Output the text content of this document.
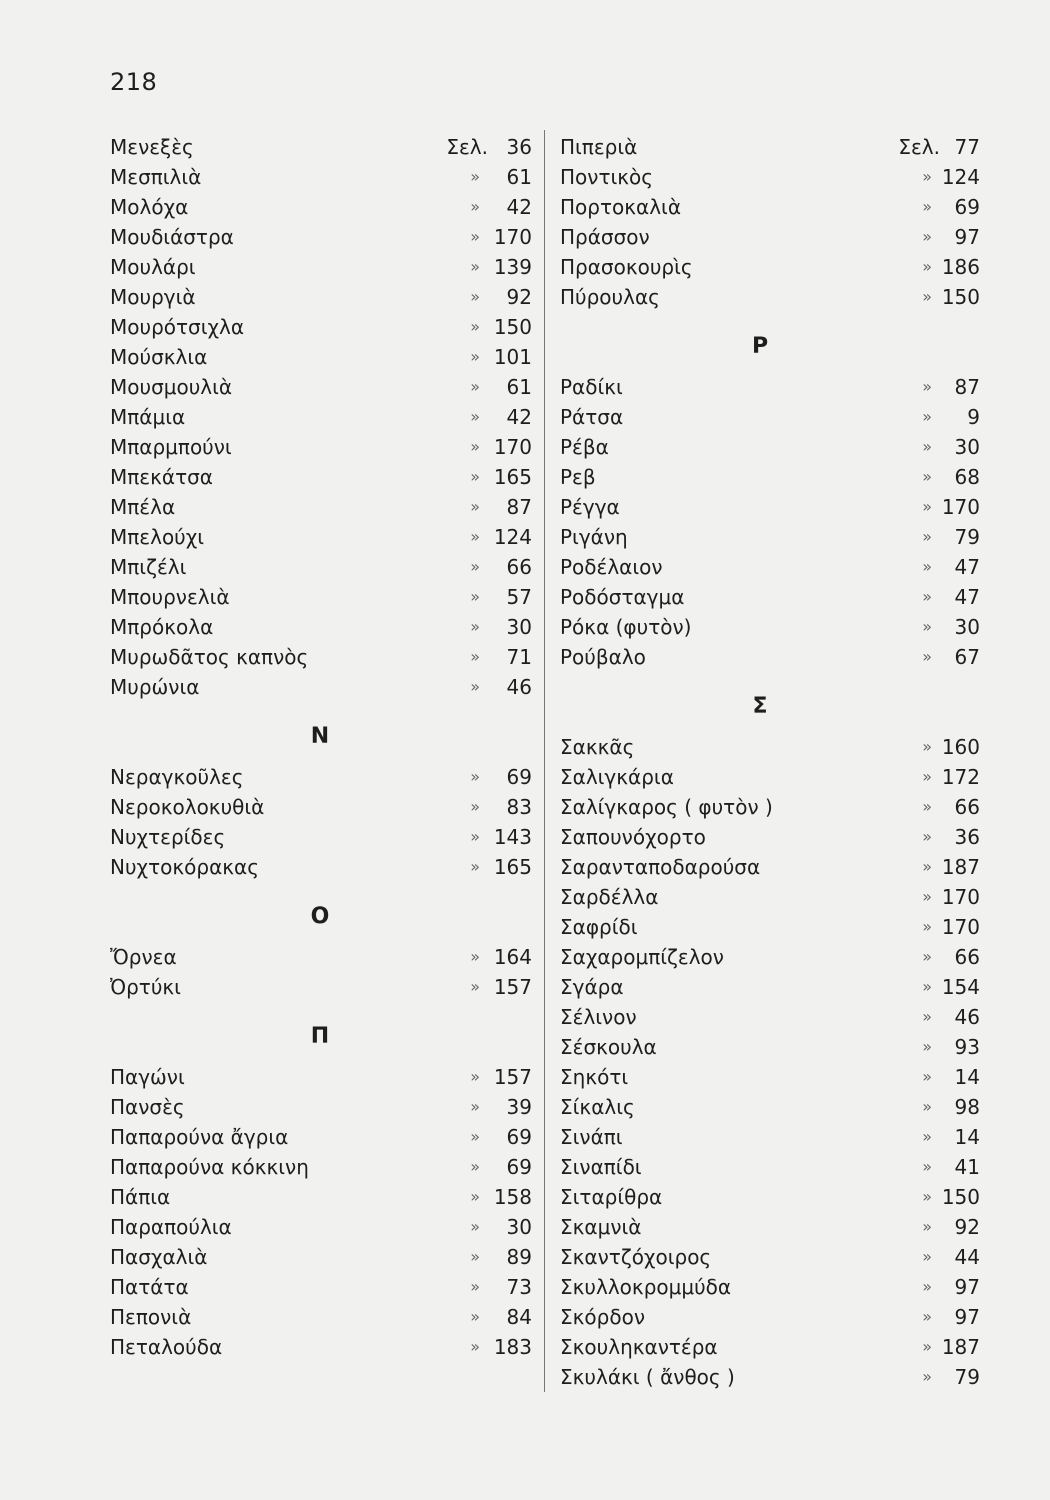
218
Μενεξὲς	Σελ. 36
Μεσπιλιὰ	» 61
Μολόχα	» 42
Μουδιάστρα	» 170
Μουλάρι	» 139
Μουργιὰ	» 92
Μουρότσιχλα	» 150
Μούσκλια	» 101
Μουσμουλιὰ	» 61
Μπάμια	» 42
Μπαρμπούνι	» 170
Μπεκάτσα	» 165
Μπέλα	» 87
Μπελούχι	» 124
Μπιζέλι	» 66
Μπουρνελιὰ	» 57
Μπρόκολα	» 30
Μυρωδᾶτος καπνὸς	» 71
Μυρώνια	» 46
Ν
Νεραγκοῦλες	» 69
Νεροκολοκυθιὰ	» 83
Νυχτερίδες	» 143
Νυχτοκόρακας	» 165
Ο
Ὄρνεα	» 164
Ὀρτύκι	» 157
Π
Παγώνι	» 157
Πανσὲς	» 39
Παπαρούνα ἄγρια	» 69
Παπαρούνα κόκκινη	» 69
Πάπια	» 158
Παραπούλια	» 30
Πασχαλιὰ	» 89
Πατάτα	» 73
Πεπονιὰ	» 84
Πεταλούδα	» 183
Πιπεριὰ	Σελ. 77
Ποντικὸς	» 124
Πορτοκαλιὰ	» 69
Πράσσον	» 97
Πρασοκουρὶς	» 186
Πύρουλας	» 150
Ρ
Ραδίκι	» 87
Ράτσα	» 9
Ρέβα	» 30
Ρεβ	» 68
Ρέγγα	» 170
Ριγάνη	» 79
Ροδέλαιον	» 47
Ροδόσταγμα	» 47
Ρόκα (φυτὸν)	» 30
Ρούβαλο	» 67
Σ
Σακκᾶς	» 160
Σαλιγκάρια	» 172
Σαλίγκαρος ( φυτὸν )	» 66
Σαπουνόχορτο	» 36
Σαρανταποδαρούσα	» 187
Σαρδέλλα	» 170
Σαφρίδι	» 170
Σαχαρομπίζελον	» 66
Σγάρα	» 154
Σέλινον	» 46
Σέσκουλα	» 93
Σηκότι	» 14
Σίκαλις	» 98
Σινάπι	» 14
Σιναπίδι	» 41
Σιταρίθρα	» 150
Σκαμνιὰ	» 92
Σκαντζόχοιρος	» 44
Σκυλλοκρομμύδα	» 97
Σκόρδον	» 97
Σκουληκαντέρα	» 187
Σκυλάκι ( ἄνθος )	» 79
